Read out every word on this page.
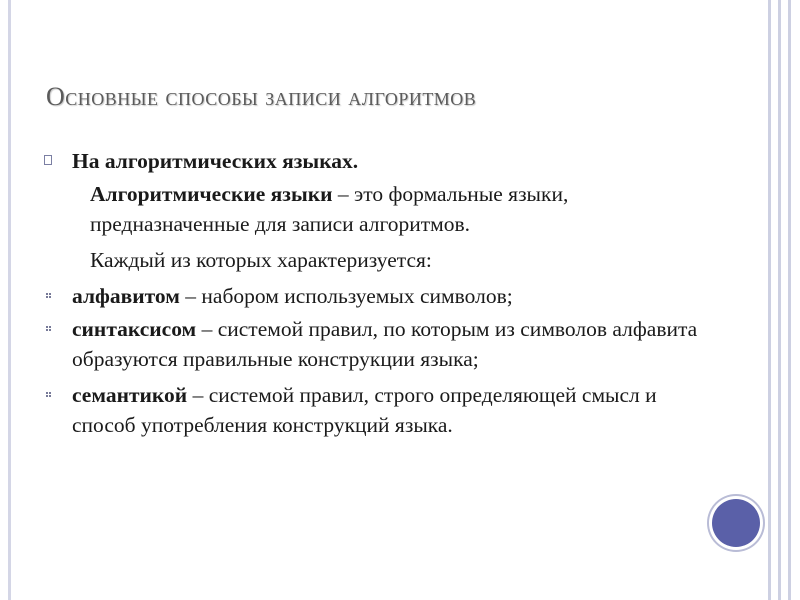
Основные способы записи алгоритмов
На алгоритмических языках.
Алгоритмические языки – это формальные языки, предназначенные для записи алгоритмов.
Каждый из которых характеризуется:
алфавитом – набором используемых символов;
синтаксисом – системой правил, по которым из символов алфавита образуются правильные конструкции языка;
семантикой – системой правил, строго определяющей смысл и способ употребления конструкций языка.
